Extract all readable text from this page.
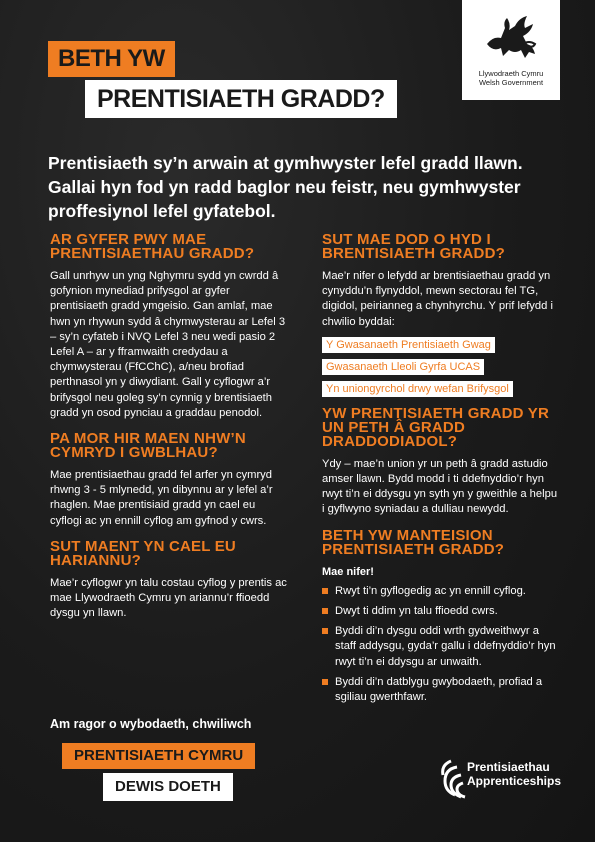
BETH YW
PRENTISIAETH GRADD?
Llywodraeth Cymru
Welsh Government
Prentisiaeth sy’n arwain at gymhwyster lefel gradd llawn. Gallai hyn fod yn radd baglor neu feistr, neu gymhwyster proffesiynol lefel gyfatebol.
AR GYFER PWY MAE PRENTISIAETHAU GRADD?

Gall unrhyw un yng Nghymru sydd yn cwrdd â gofynion mynediad prifysgol ar gyfer prentisiaeth gradd ymgeisio. Gan amlaf, mae hwn yn rhywun sydd â chymwysterau ar Lefel 3 – sy’n cyfateb i NVQ Lefel 3 neu wedi pasio 2 Lefel A – ar y fframwaith credydau a chymwysterau (FfCChC), a/neu brofiad perthnasol yn y diwydiant. Gall y cyflogwr a’r brifysgol neu goleg sy’n cynnig y brentisiaeth gradd yn osod pynciau a graddau penodol.

PA MOR HIR MAEN NHW’N CYMRYD I GWBLHAU?

Mae prentisiaethau gradd fel arfer yn cymryd rhwng 3 - 5 mlynedd, yn dibynnu ar y lefel a’r rhaglen. Mae prentisiaid gradd yn cael eu cyflogi ac yn ennill cyflog am gyfnod y cwrs.

SUT MAENT YN CAEL EU HARIANNU?

Mae’r cyflogwr yn talu costau cyflog y prentis ac mae Llywodraeth Cymru yn ariannu’r ffioedd dysgu yn llawn.

SUT MAE DOD O HYD I BRENTISIAETH GRADD?

Mae’r nifer o lefydd ar brentisiaethau gradd yn cynyddu’n flynyddol, mewn sectorau fel TG, digidol, peirianneg a chynhyrchu. Y prif lefydd i chwilio byddai:

Y Gwasanaeth Prentisiaeth Gwag
Gwasanaeth Lleoli Gyrfa UCAS
Yn uniongyrchol drwy wefan Brifysgol
YW PRENTISIAETH GRADD YR UN PETH Â GRADD DRADDODIADOL?

Ydy – mae’n union yr un peth â gradd astudio amser llawn. Bydd modd i ti ddefnyddio’r hyn rwyt ti’n ei ddysgu yn syth yn y gweithle a helpu i gyflwyno syniadau a dulliau newydd.

BETH YW MANTEISION PRENTISIAETH GRADD?

Mae nifer!

Rwyt ti’n gyflogedig ac yn ennill cyflog.
Dwyt ti ddim yn talu ffioedd cwrs.
Byddi di’n dysgu oddi wrth gydweithwyr a staff addysgu, gyda’r gallu i ddefnyddio’r hyn rwyt ti’n ei ddysgu ar unwaith.
Byddi di’n datblygu gwybodaeth, profiad a sgiliau gwerthfawr.
Am ragor o wybodaeth, chwiliwch
PRENTISIAETH CYMRU
DEWIS DOETH
Prentisiaethau
Apprenticeships
